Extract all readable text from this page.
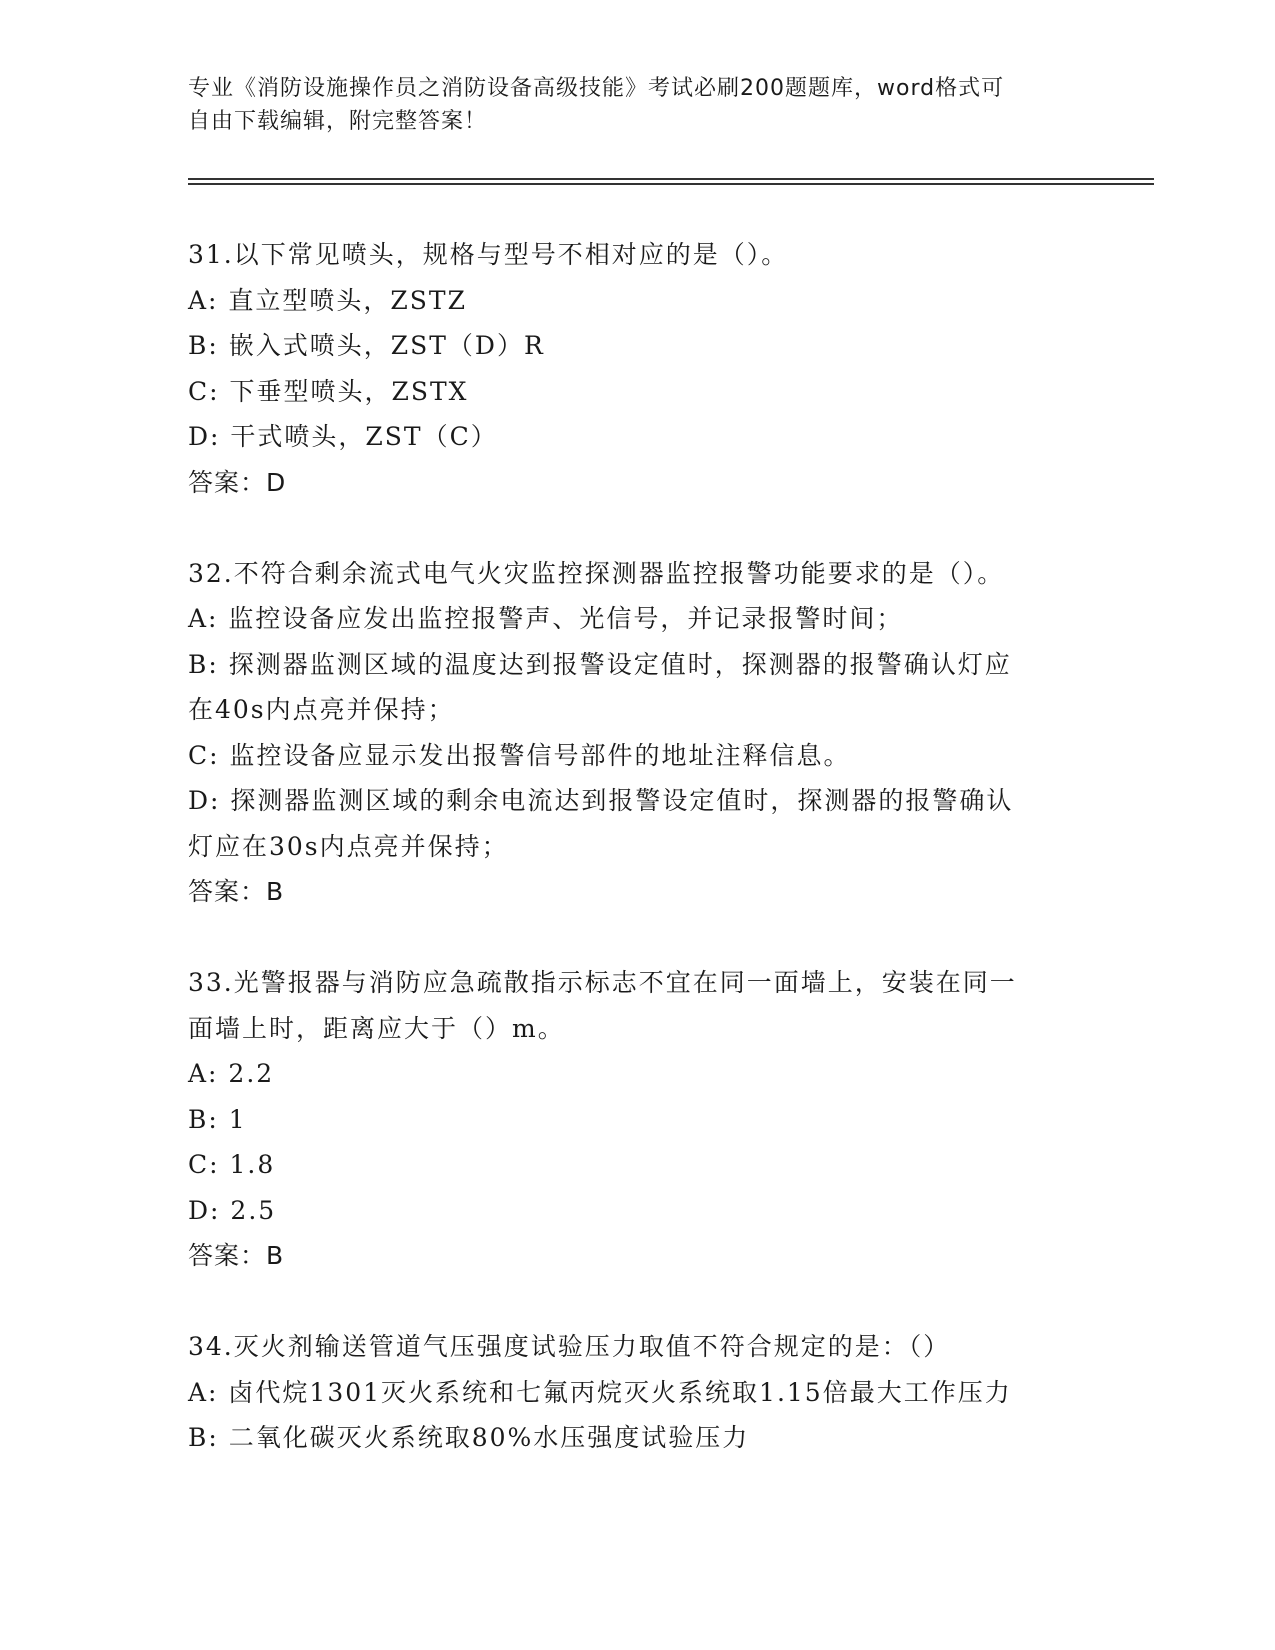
专业《消防设施操作员之消防设备高级技能》考试必刷200题题库，word格式可
自由下载编辑，附完整答案！
31.以下常见喷头，规格与型号不相对应的是（）。
A: 直立型喷头，ZSTZ
B: 嵌入式喷头，ZST（D）R
C: 下垂型喷头，ZSTX
D: 干式喷头，ZST（C）
答案：D
32.不符合剩余流式电气火灾监控探测器监控报警功能要求的是（）。
A: 监控设备应发出监控报警声、光信号，并记录报警时间；
B: 探测器监测区域的温度达到报警设定值时，探测器的报警确认灯应
在40s内点亮并保持；
C: 监控设备应显示发出报警信号部件的地址注释信息。
D: 探测器监测区域的剩余电流达到报警设定值时，探测器的报警确认
灯应在30s内点亮并保持；
答案：B
33.光警报器与消防应急疏散指示标志不宜在同一面墙上，安装在同一
面墙上时，距离应大于（）m。
A: 2.2
B: 1
C: 1.8
D: 2.5
答案：B
34.灭火剂输送管道气压强度试验压力取值不符合规定的是：（）
A: 卤代烷1301灭火系统和七氟丙烷灭火系统取1.15倍最大工作压力
B: 二氧化碳灭火系统取80%水压强度试验压力
